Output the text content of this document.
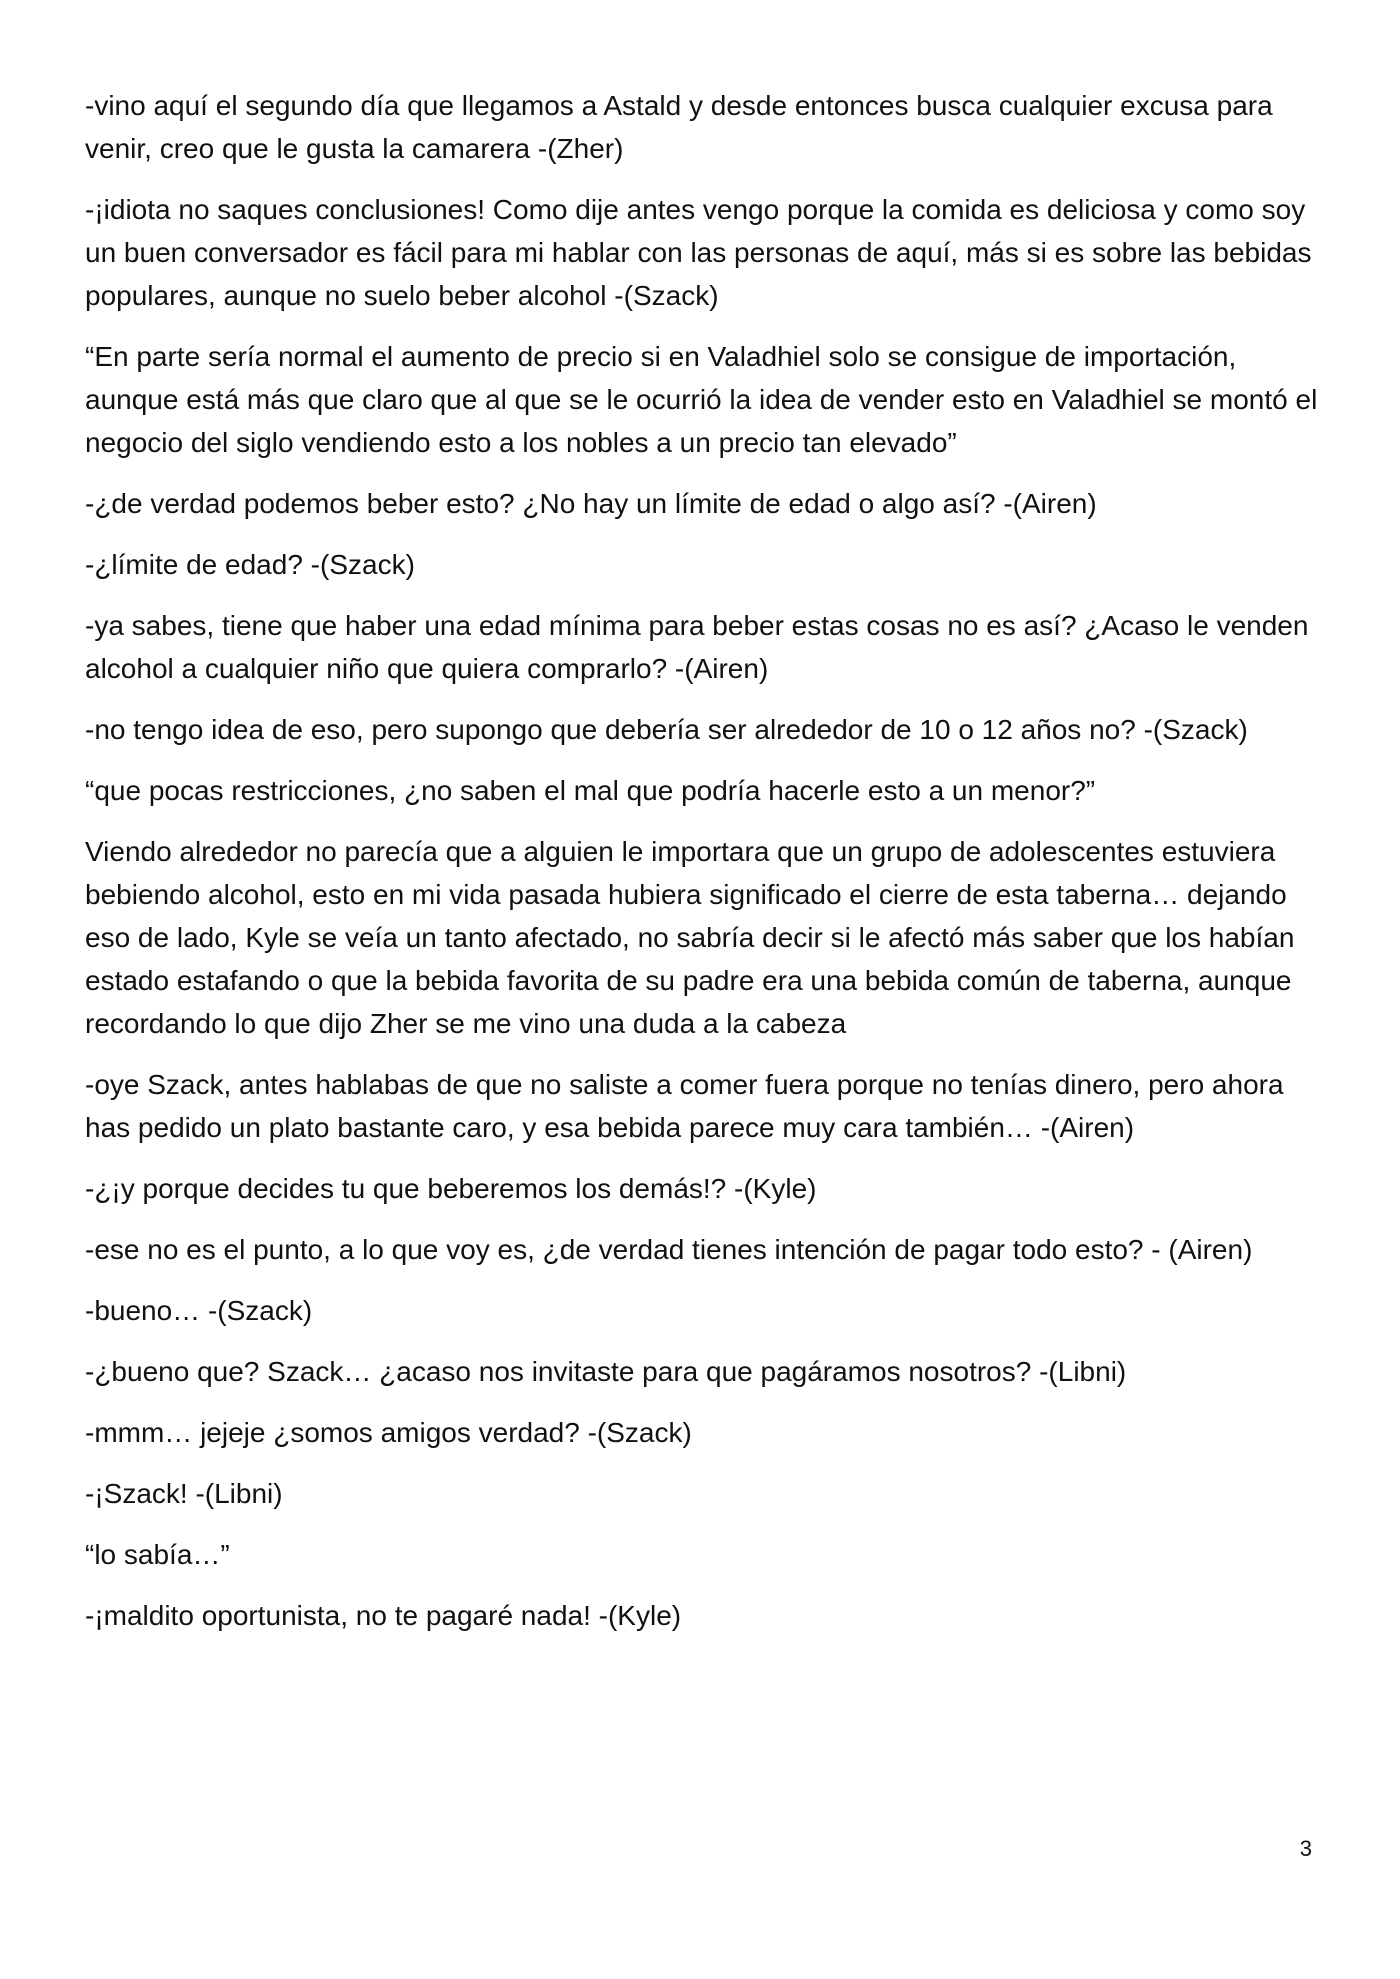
-vino aquí el segundo día que llegamos a Astald y desde entonces busca cualquier excusa para venir, creo que le gusta la camarera -(Zher)

-¡idiota no saques conclusiones! Como dije antes vengo porque la comida es deliciosa y como soy un buen conversador es fácil para mi hablar con las personas de aquí, más si es sobre las bebidas populares, aunque no suelo beber alcohol -(Szack)

“En parte sería normal el aumento de precio si en Valadhiel solo se consigue de importación, aunque está más que claro que al que se le ocurrió la idea de vender esto en Valadhiel se montó el negocio del siglo vendiendo esto a los nobles a un precio tan elevado”

-¿de verdad podemos beber esto? ¿No hay un límite de edad o algo así? -(Airen)

-¿límite de edad? -(Szack)

-ya sabes, tiene que haber una edad mínima para beber estas cosas no es así? ¿Acaso le venden alcohol a cualquier niño que quiera comprarlo? -(Airen)

-no tengo idea de eso, pero supongo que debería ser alrededor de 10 o 12 años no? -(Szack)

“que pocas restricciones, ¿no saben el mal que podría hacerle esto a un menor?”

Viendo alrededor no parecía que a alguien le importara que un grupo de adolescentes estuviera bebiendo alcohol, esto en mi vida pasada hubiera significado el cierre de esta taberna… dejando eso de lado, Kyle se veía un tanto afectado, no sabría decir si le afectó más saber que los habían estado estafando o que la bebida favorita de su padre era una bebida común de taberna, aunque recordando lo que dijo Zher se me vino una duda a la cabeza

-oye Szack, antes hablabas de que no saliste a comer fuera porque no tenías dinero, pero ahora has pedido un plato bastante caro, y esa bebida parece muy cara también… -(Airen)

-¿¡y porque decides tu que beberemos los demás!? -(Kyle)

-ese no es el punto, a lo que voy es, ¿de verdad tienes intención de pagar todo esto? - (Airen)

-bueno… -(Szack)

-¿bueno que? Szack… ¿acaso nos invitaste para que pagáramos nosotros? -(Libni)

-mmm… jejeje ¿somos amigos verdad? -(Szack)

-¡Szack! -(Libni)

“lo sabía…”

-¡maldito oportunista, no te pagaré nada! -(Kyle)

3
